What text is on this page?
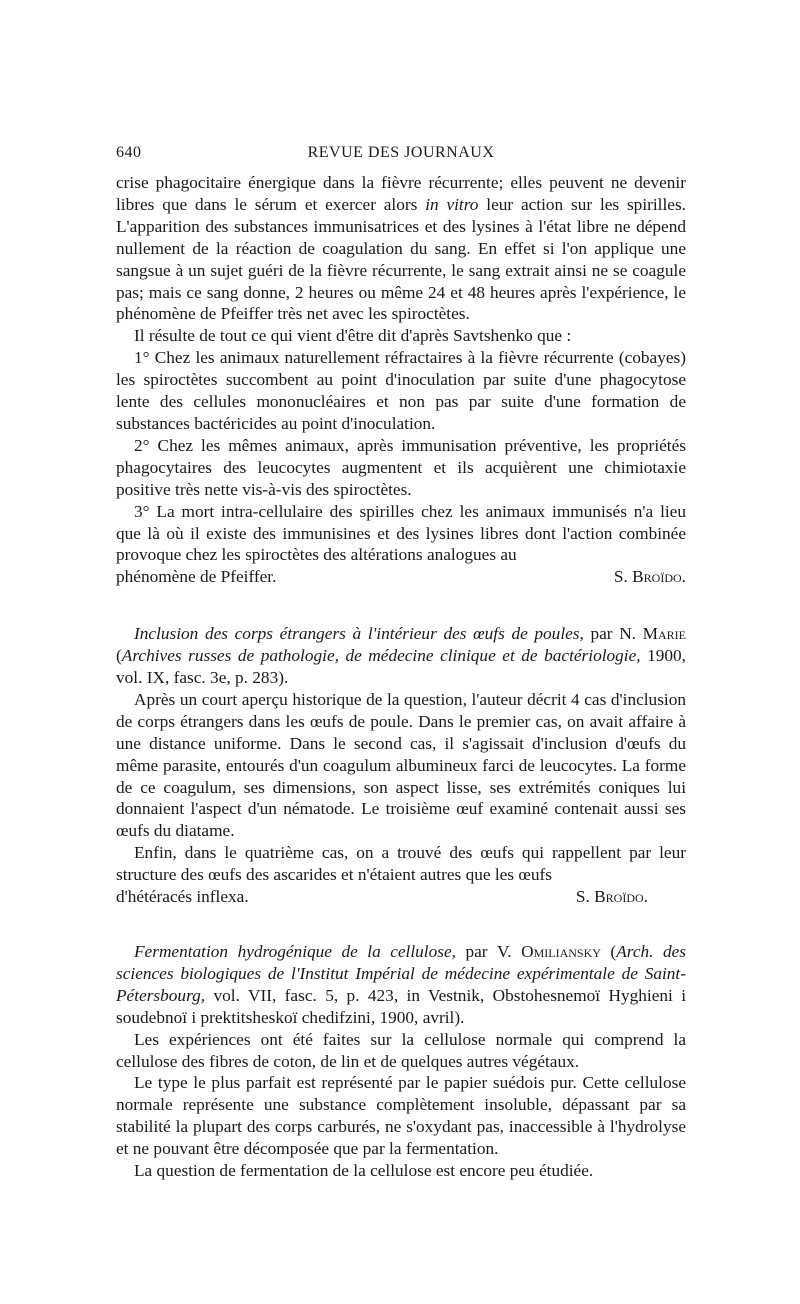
640	REVUE DES JOURNAUX

crise phagocitaire énergique dans la fièvre récurrente; elles peuvent ne devenir libres que dans le sérum et exercer alors in vitro leur action sur les spirilles. L'apparition des substances immunisatrices et des lysines à l'état libre ne dépend nullement de la réaction de coagulation du sang. En effet si l'on applique une sangsue à un sujet guéri de la fièvre récurrente, le sang extrait ainsi ne se coagule pas; mais ce sang donne, 2 heures ou même 24 et 48 heures après l'expérience, le phénomène de Pfeiffer très net avec les spiroctètes.

Il résulte de tout ce qui vient d'être dit d'après Savtshenko que :

1° Chez les animaux naturellement réfractaires à la fièvre récurrente (cobayes) les spiroctètes succombent au point d'inoculation par suite d'une phagocytose lente des cellules mononucléaires et non pas par suite d'une formation de substances bactéricides au point d'inoculation.

2° Chez les mêmes animaux, après immunisation préventive, les propriétés phagocytaires des leucocytes augmentent et ils acquièrent une chimiotaxie positive très nette vis-à-vis des spiroctètes.

3° La mort intra-cellulaire des spirilles chez les animaux immunisés n'a lieu que là où il existe des immunisines et des lysines libres dont l'action combinée provoque chez les spiroctètes des altérations analogues au

phénomène de Pfeiffer.	S. Broïdo.

Inclusion des corps étrangers à l'intérieur des œufs de poules, par N. Marie (Archives russes de pathologie, de médecine clinique et de bactériologie, 1900, vol. IX, fasc. 3e, p. 283).

Après un court aperçu historique de la question, l'auteur décrit 4 cas d'inclusion de corps étrangers dans les œufs de poule. Dans le premier cas, on avait affaire à une distance uniforme. Dans le second cas, il s'agissait d'inclusion d'œufs du même parasite, entourés d'un coagulum albumineux farci de leucocytes. La forme de ce coagulum, ses dimensions, son aspect lisse, ses extrémités coniques lui donnaient l'aspect d'un nématode. Le troisième œuf examiné contenait aussi ses œufs du diatame.

Enfin, dans le quatrième cas, on a trouvé des œufs qui rappellent par leur structure des œufs des ascarides et n'étaient autres que les œufs

d'hétéracés inflexa.	S. Broïdo.

Fermentation hydrogénique de la cellulose, par V. Omiliansky (Arch. des sciences biologiques de l'Institut Impérial de médecine expérimentale de Saint-Pétersbourg, vol. VII, fasc. 5, p. 423, in Vestnik, Obstohesnemoï Hyghieni i soudebnoï i prektitsheskoï chedifzini, 1900, avril).

Les expériences ont été faites sur la cellulose normale qui comprend la cellulose des fibres de coton, de lin et de quelques autres végétaux.

Le type le plus parfait est représenté par le papier suédois pur. Cette cellulose normale représente une substance complètement insoluble, dépassant par sa stabilité la plupart des corps carburés, ne s'oxydant pas, inaccessible à l'hydrolyse et ne pouvant être décomposée que par la fermentation.

La question de fermentation de la cellulose est encore peu étudiée.
